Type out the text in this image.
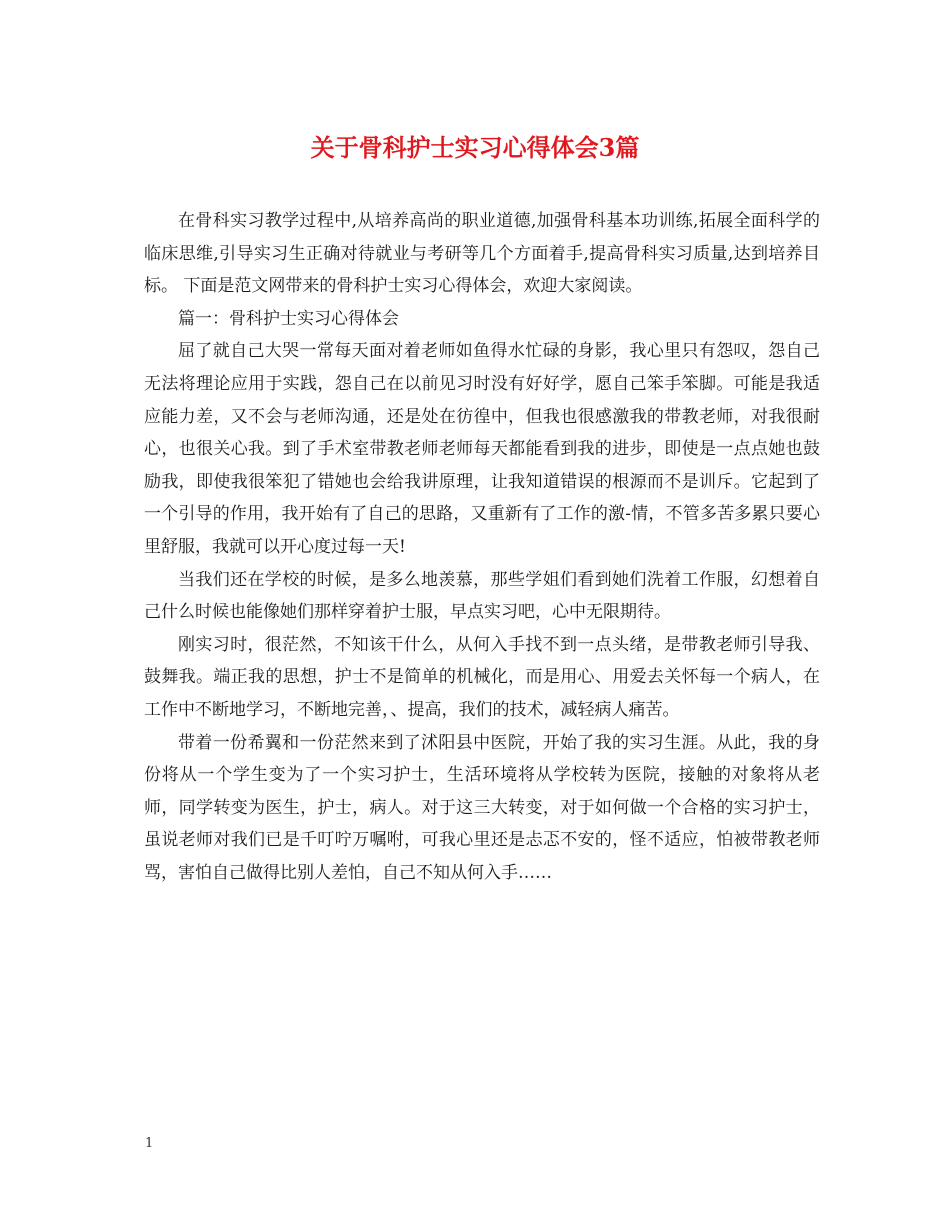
关于骨科护士实习心得体会3篇

在骨科实习教学过程中,从培养高尚的职业道德,加强骨科基本功训练,拓展全面科学的临床思维,引导实习生正确对待就业与考研等几个方面着手,提高骨科实习质量,达到培养目标。 下面是范文网带来的骨科护士实习心得体会，欢迎大家阅读。

篇一：骨科护士实习心得体会

屈了就自己大哭一常每天面对着老师如鱼得水忙碌的身影，我心里只有怨叹，怨自己无法将理论应用于实践，怨自己在以前见习时没有好好学，愿自己笨手笨脚。可能是我适应能力差，又不会与老师沟通，还是处在彷徨中，但我也很感激我的带教老师，对我很耐心，也很关心我。到了手术室带教老师老师每天都能看到我的进步，即使是一点点她也鼓励我，即使我很笨犯了错她也会给我讲原理，让我知道错误的根源而不是训斥。它起到了一个引导的作用，我开始有了自己的思路，又重新有了工作的激-情，不管多苦多累只要心里舒服，我就可以开心度过每一天!

当我们还在学校的时候，是多么地羡慕，那些学姐们看到她们洗着工作服，幻想着自己什么时候也能像她们那样穿着护士服，早点实习吧，心中无限期待。

刚实习时，很茫然，不知该干什么，从何入手找不到一点头绪，是带教老师引导我、鼓舞我。端正我的思想，护士不是简单的机械化，而是用心、用爱去关怀每一个病人，在工作中不断地学习，不断地完善，、提高，我们的技术，减轻病人痛苦。

带着一份希翼和一份茫然来到了沭阳县中医院，开始了我的实习生涯。从此，我的身份将从一个学生变为了一个实习护士，生活环境将从学校转为医院，接触的对象将从老师，同学转变为医生，护士，病人。对于这三大转变，对于如何做一个合格的实习护士，虽说老师对我们已是千叮咛万嘱咐，可我心里还是忐忑不安的，怪不适应，怕被带教老师骂，害怕自己做得比别人差怕，自己不知从何入手……

1
